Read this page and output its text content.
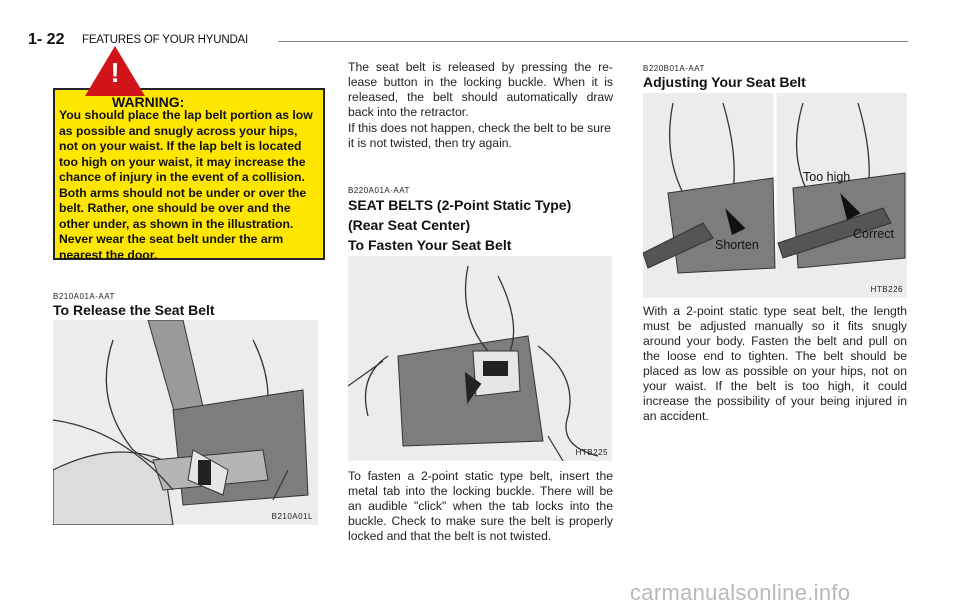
1- 22 FEATURES OF YOUR HYUNDAI
You should place the lap belt portion as low as possible and snugly across your hips, not on your waist. If the lap belt is located too high on your waist, it may increase the chance of injury in the event of a collision. Both arms should not be under or over the belt. Rather, one should be over and the other under, as shown in the illustration. Never wear the seat belt under the arm nearest the door.
!
WARNING:
B210A01A-AAT
To Release the Seat Belt
B210A01L
The seat belt is released by pressing the re-lease button in the locking buckle. When it is released, the belt should automatically draw back into the retractor.
If this does not happen, check the belt to be sure it is not twisted, then try again.
B220A01A-AAT
SEAT BELTS (2-Point Static Type)
(Rear Seat Center)
To Fasten Your Seat Belt
HTB225
To fasten a 2-point static type belt, insert the metal tab into the locking buckle. There will be an audible "click" when the tab locks into the buckle. Check to make sure the belt is properly locked and that the belt is not twisted.
B220B01A-AAT
Adjusting Your Seat Belt
Too high
Shorten
Correct
HTB226
With a 2-point static type seat belt, the length must be adjusted manually so it fits snugly around your body. Fasten the belt and pull on the loose end to tighten. The belt should be placed as low as possible on your hips, not on your waist. If the belt is too high, it could increase the possibility of your being injured in an accident.
carmanualsonline.info
